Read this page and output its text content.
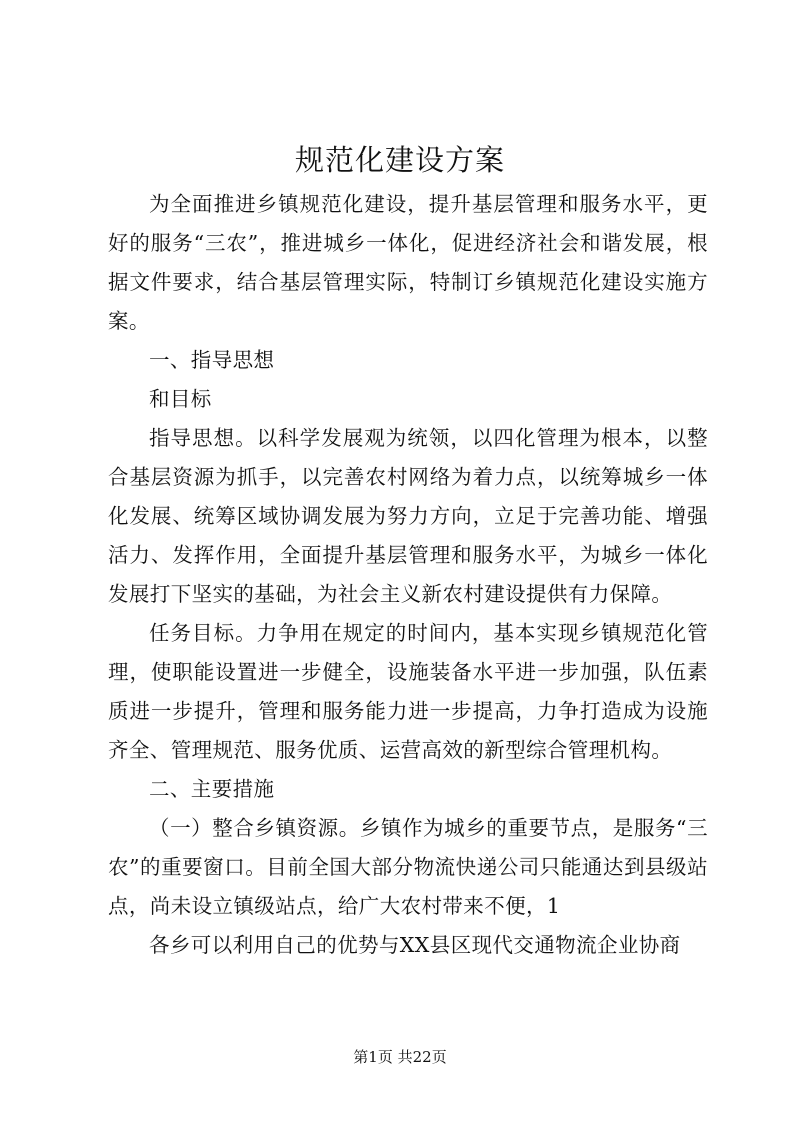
规范化建设方案

为全面推进乡镇规范化建设，提升基层管理和服务水平，更好的服务“三农”，推进城乡一体化，促进经济社会和谐发展，根据文件要求，结合基层管理实际，特制订乡镇规范化建设实施方案。

一、指导思想

和目标

指导思想。以科学发展观为统领，以四化管理为根本，以整合基层资源为抓手，以完善农村网络为着力点，以统筹城乡一体化发展、统筹区域协调发展为努力方向，立足于完善功能、增强活力、发挥作用，全面提升基层管理和服务水平，为城乡一体化发展打下坚实的基础，为社会主义新农村建设提供有力保障。

任务目标。力争用在规定的时间内，基本实现乡镇规范化管理，使职能设置进一步健全，设施装备水平进一步加强，队伍素质进一步提升，管理和服务能力进一步提高，力争打造成为设施齐全、管理规范、服务优质、运营高效的新型综合管理机构。

二、主要措施

（一）整合乡镇资源。乡镇作为城乡的重要节点，是服务“三农”的重要窗口。目前全国大部分物流快递公司只能通达到县级站点，尚未设立镇级站点，给广大农村带来不便，1

各乡可以利用自己的优势与XX县区现代交通物流企业协商

第1页 共22页
